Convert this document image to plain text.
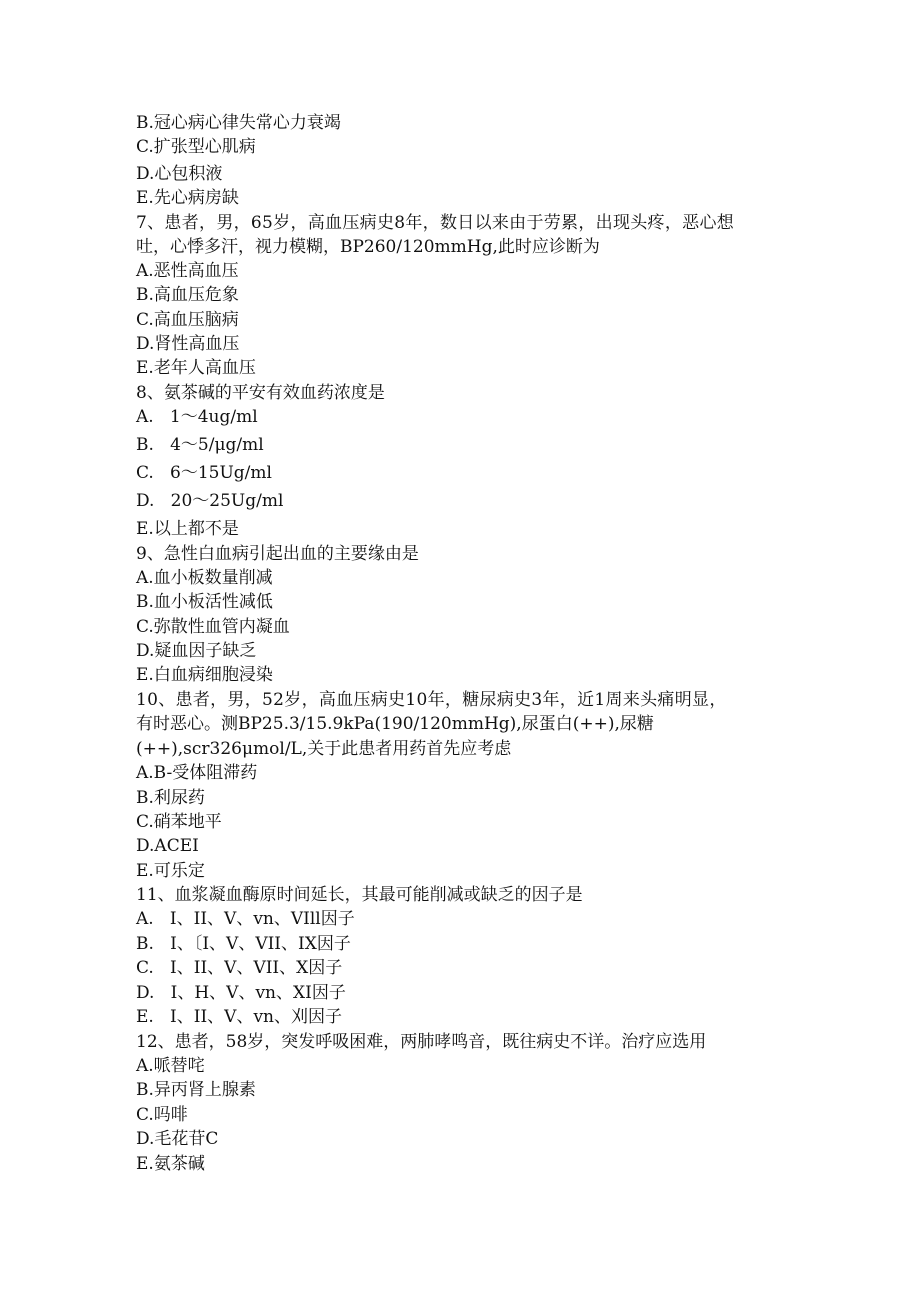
B.冠心病心律失常心力衰竭
C.扩张型心肌病
D.心包积液
E.先心病房缺
7、患者，男，65岁，高血压病史8年，数日以来由于劳累，出现头疼，恶心想
吐，心悸多汗，视力模糊，BP260/120mmHg,此时应诊断为
A.恶性高血压
B.高血压危象
C.高血压脑病
D.肾性高血压
E.老年人高血压
8、氨茶碱的平安有效血药浓度是
A.   1～4ug∕ml
B.   4～5/μg/ml
C.   6～15Ug/ml
D.   20～25Ug/ml
E.以上都不是
9、急性白血病引起出血的主要缘由是
A.血小板数量削减
B.血小板活性减低
C.弥散性血管内凝血
D.疑血因子缺乏
E.白血病细胞浸染
10、患者，男，52岁，高血压病史10年，糖尿病史3年，近1周来头痛明显，
有时恶心。测BP25.3∕15.9kPa(190∕120mmHg),尿蛋白(++),尿糖
(++),scr326μmol∕L,关于此患者用药首先应考虑
A.B-受体阻滞药
B.利尿药
C.硝苯地平
D.ACEI
E.可乐定
11、血浆凝血酶原时间延长，其最可能削减或缺乏的因子是
A.   I、II、V、vn、VIll因子
B.   I、〔I、V、VII、IX因子
C.   I、II、V、VII、X因子
D.   I、H、V、vn、XI因子
E.   I、II、V、vn、刈因子
12、患者，58岁，突发呼吸困难，两肺哮鸣音，既往病史不详。治疗应选用
A.哌替咤
B.异丙肾上腺素
C.吗啡
D.毛花苷C
E.氨茶碱
